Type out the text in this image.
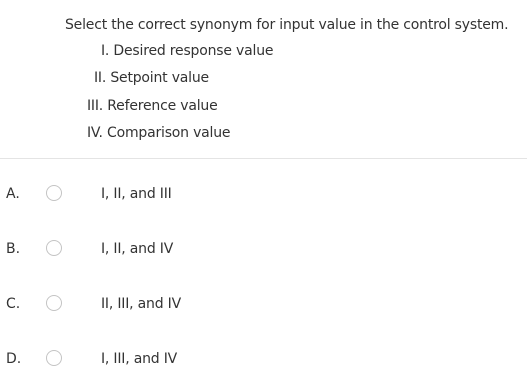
Select the correct synonym for input value in the control system.
I. Desired response value
II. Setpoint value
III. Reference value
IV. Comparison value
A.	I, II, and III
B.	I, II, and IV
C.	II, III, and IV
D.	I, III, and IV
